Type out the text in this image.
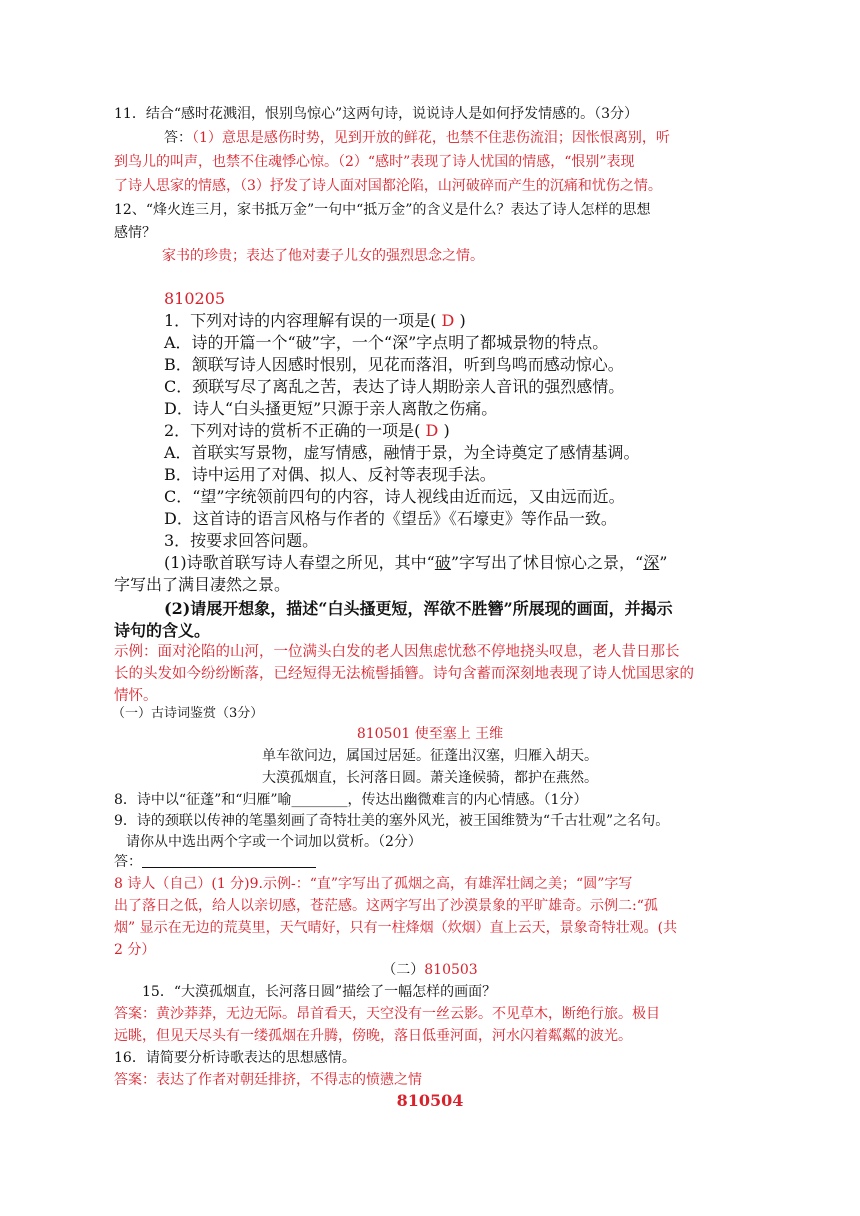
11．结合“感时花溅泪，恨别鸟惊心”这两句诗，说说诗人是如何抒发情感的。（3分）
答：（1）意思是感伤时势，见到开放的鲜花，也禁不住悲伤流泪；因怅恨离别，听
到鸟儿的叫声，也禁不住魂悸心惊。（2）“感时”表现了诗人忧国的情感，“恨别”表现
了诗人思家的情感，（3）抒发了诗人面对国都沦陷，山河破碎而产生的沉痛和忧伤之情。
12、“烽火连三月，家书抵万金”一句中“抵万金”的含义是什么？表达了诗人怎样的思想
感情？
家书的珍贵；表达了他对妻子儿女的强烈思念之情。
810205
1．下列对诗的内容理解有误的一项是( D )
A．诗的开篇一个“破”字，一个“深”字点明了都城景物的特点。
B．颔联写诗人因感时恨别，见花而落泪，听到鸟鸣而感动惊心。
C．颈联写尽了离乱之苦，表达了诗人期盼亲人音讯的强烈感情。
D．诗人“白头搔更短”只源于亲人离散之伤痛。
2．下列对诗的赏析不正确的一项是( D )
A．首联实写景物，虚写情感，融情于景，为全诗奠定了感情基调。
B．诗中运用了对偶、拟人、反衬等表现手法。
C．“望”字统领前四句的内容，诗人视线由近而远，又由远而近。
D．这首诗的语言风格与作者的《望岳》《石壕吏》等作品一致。
3．按要求回答问题。
(1)诗歌首联写诗人春望之所见，其中“破”字写出了怵目惊心之景，“深”
字写出了满目凄然之景。
(2)请展开想象，描述“白头搔更短，浑欲不胜簪”所展现的画面，并揭示
诗句的含义。
示例：面对沦陷的山河，一位满头白发的老人因焦虑忧愁不停地挠头叹息，老人昔日那长
长的头发如今纷纷断落，已经短得无法梳髻插簪。诗句含蓄而深刻地表现了诗人忧国思家的
情怀。
（一）古诗词鉴赏（3分）
810501 使至塞上 王维
单车欲问边，属国过居延。征蓬出汉塞，归雁入胡天。
大漠孤烟直，长河落日圆。萧关逢候骑，都护在燕然。
8．诗中以“征蓬”和“归雁”喻________，传达出幽微难言的内心情感。（1分）
9．诗的颈联以传神的笔墨刻画了奇特壮美的塞外风光，被王国维赞为“千古壮观”之名句。
请你从中选出两个字或一个词加以赏析。（2分）
答：
8 诗人（自己）(1 分)9.示例-：“直”字写出了孤烟之高，有雄浑壮阔之美；“圆”字写
出了落日之低，给人以亲切感，苍茫感。这两字写出了沙漠景象的平旷雄奇。示例二:“孤
烟” 显示在无边的荒莫里，天气晴好，只有一柱烽烟（炊烟）直上云天，景象奇特壮观。(共
2 分）
（二）810503
15．“大漠孤烟直，长河落日圆”描绘了一幅怎样的画面？
答案：黄沙莽莽，无边无际。昂首看天，天空没有一丝云影。不见草木，断绝行旅。极目
远眺，但见天尽头有一缕孤烟在升腾，傍晚，落日低垂河面，河水闪着粼粼的波光。
16．请简要分析诗歌表达的思想感情。
答案：表达了作者对朝廷排挤，不得志的愤懑之情
810504
